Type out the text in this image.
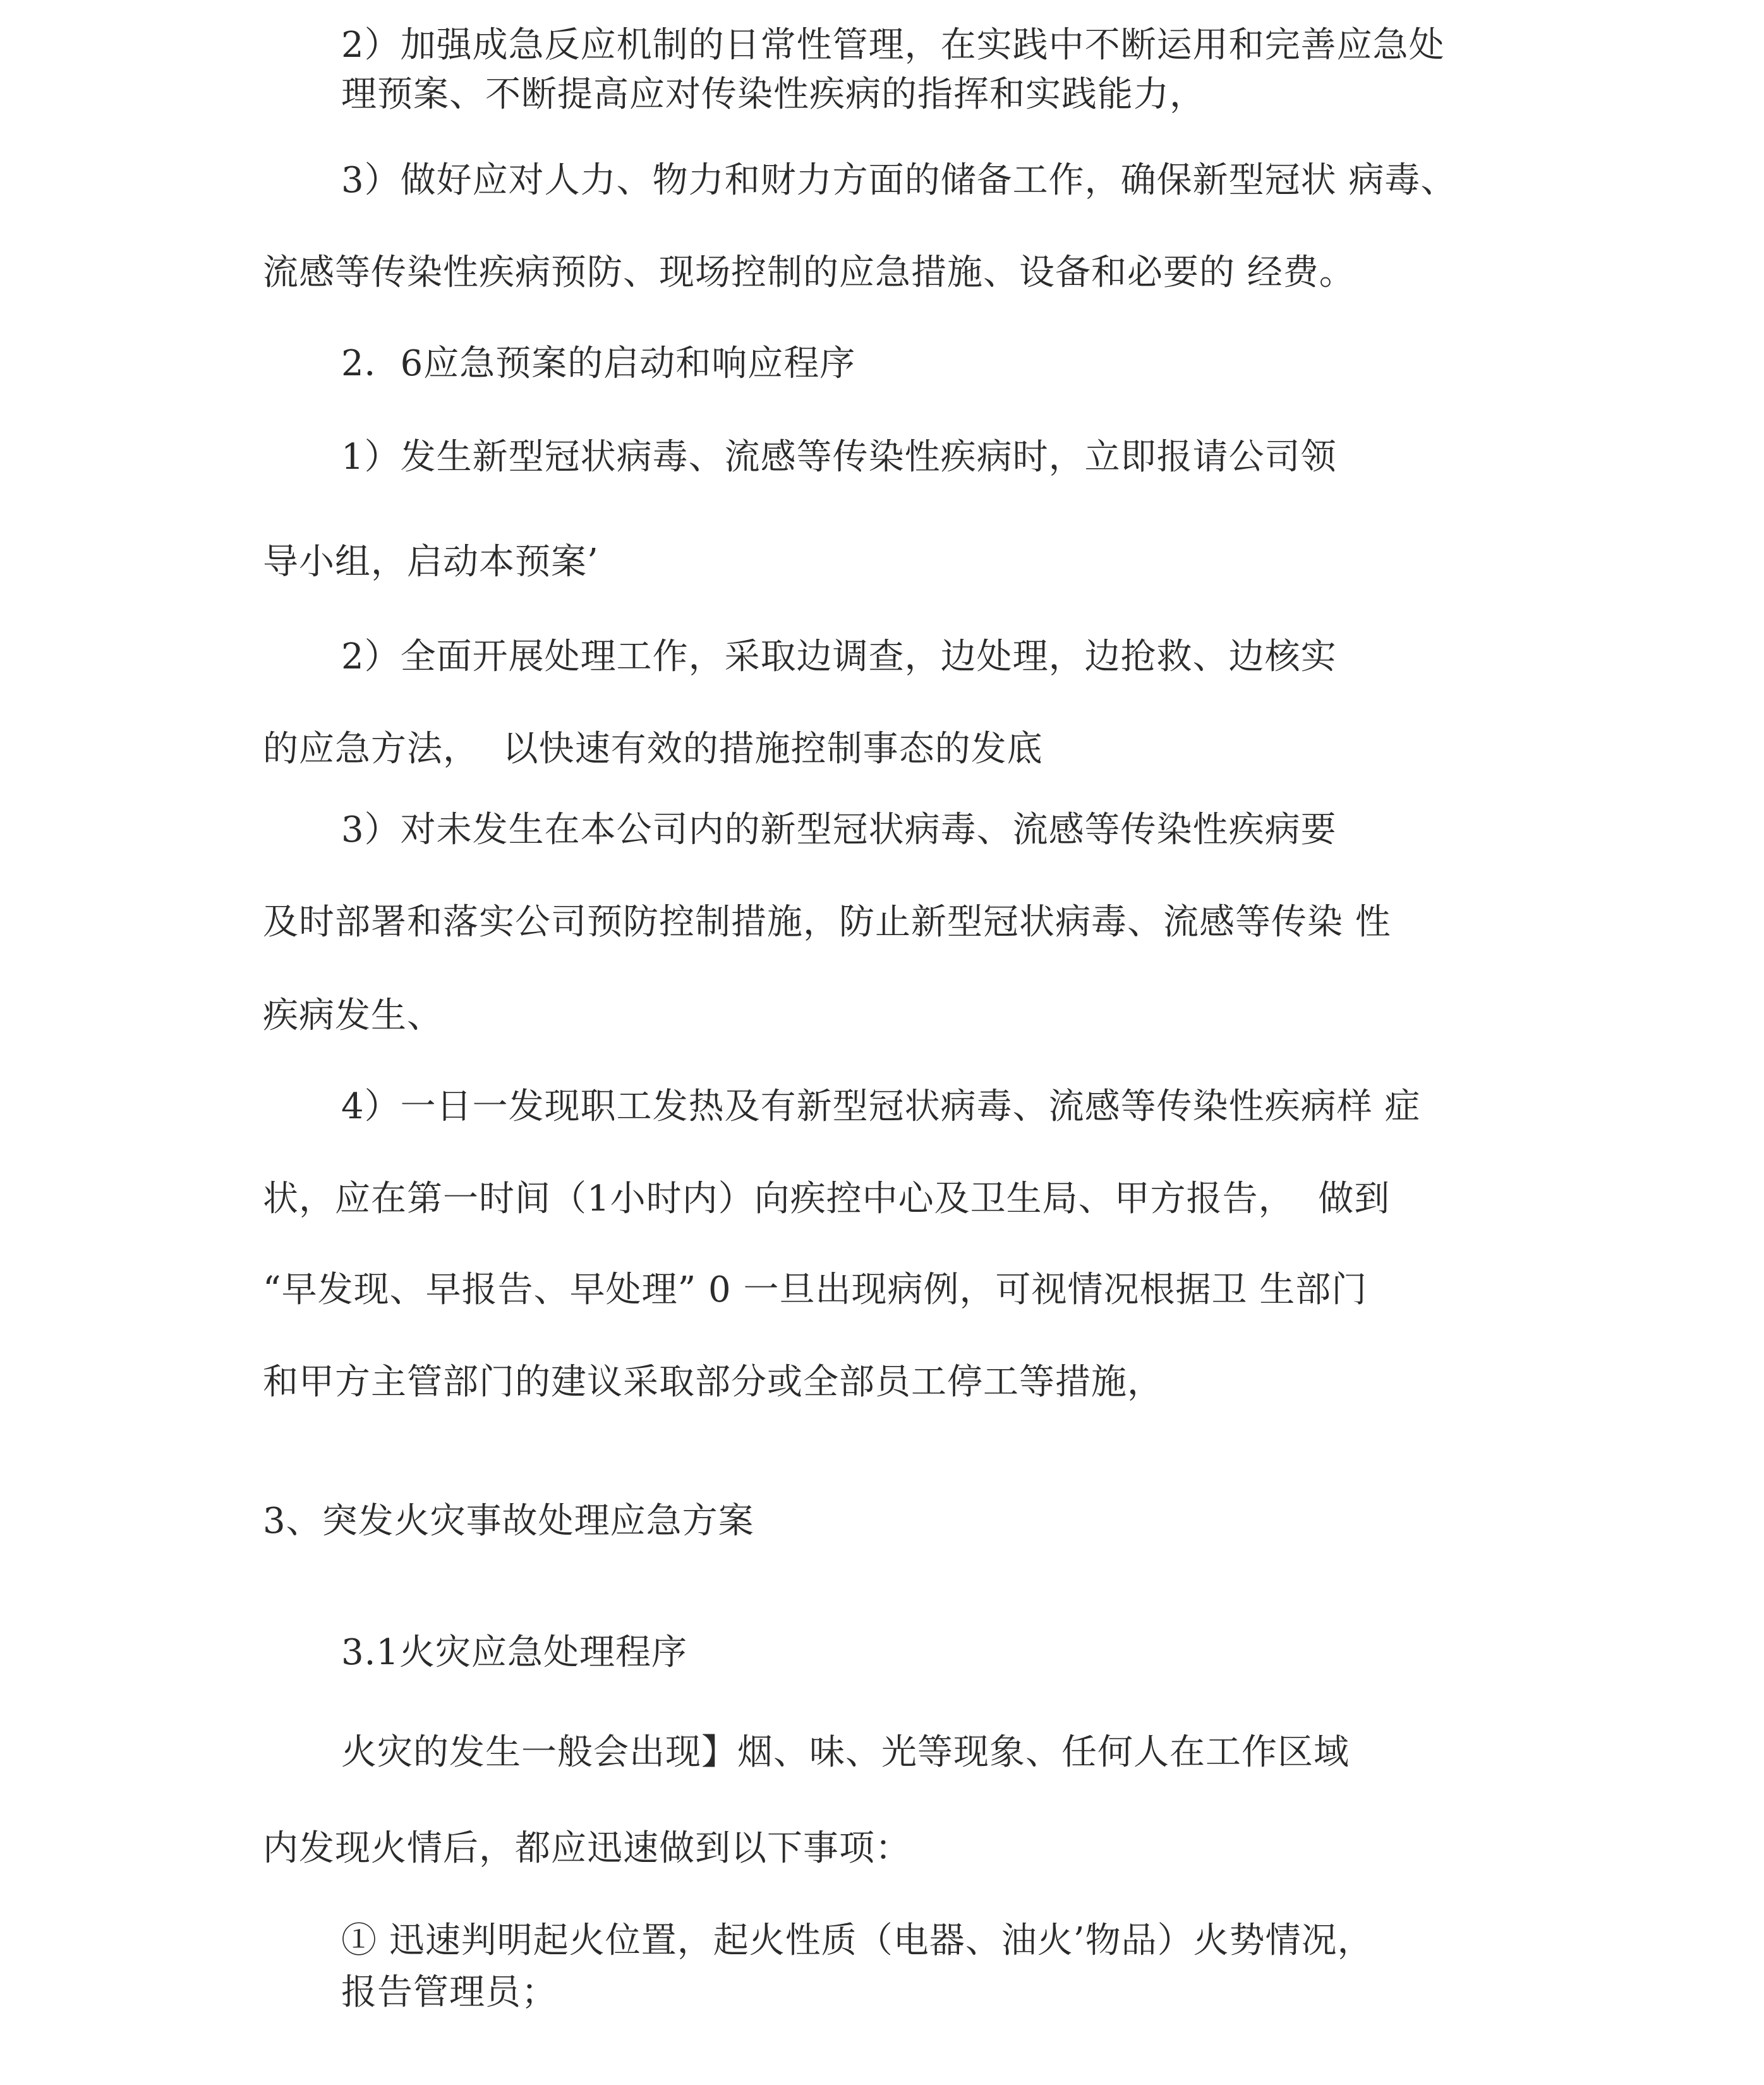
2）加强成急反应机制的日常性管理，在实践中不断运用和完善应急处
理预案、不断提高应对传染性疾病的指挥和实践能力，
3）做好应对人力、物力和财力方面的储备工作，确保新型冠状 病毒、
流感等传染性疾病预防、现场控制的应急措施、设备和必要的 经费。
2．6应急预案的启动和响应程序
1）发生新型冠状病毒、流感等传染性疾病时，立即报请公司领
导小组，启动本预案’
2）全面开展处理工作，采取边调查，边处理，边抢救、边核实
的应急方法，  以快速有效的措施控制事态的发底
3）对未发生在本公司内的新型冠状病毒、流感等传染性疾病要
及时部署和落实公司预防控制措施，防止新型冠状病毒、流感等传染 性
疾病发生、
4）一日一发现职工发热及有新型冠状病毒、流感等传染性疾病样 症
状，应在第一时间（1小时内）向疾控中心及卫生局、甲方报告，  做到
“早发现、早报告、早处理” 0 一旦出现病例，可视情况根据卫 生部门
和甲方主管部门的建议采取部分或全部员工停工等措施，
3、突发火灾事故处理应急方案
3.1火灾应急处理程序
火灾的发生一般会出现】烟、味、光等现象、任何人在工作区域
内发现火情后，都应迅速做到以下事项：
① 迅速判明起火位置，起火性质（电器、油火’物品）火势情况，
报告管理员；
